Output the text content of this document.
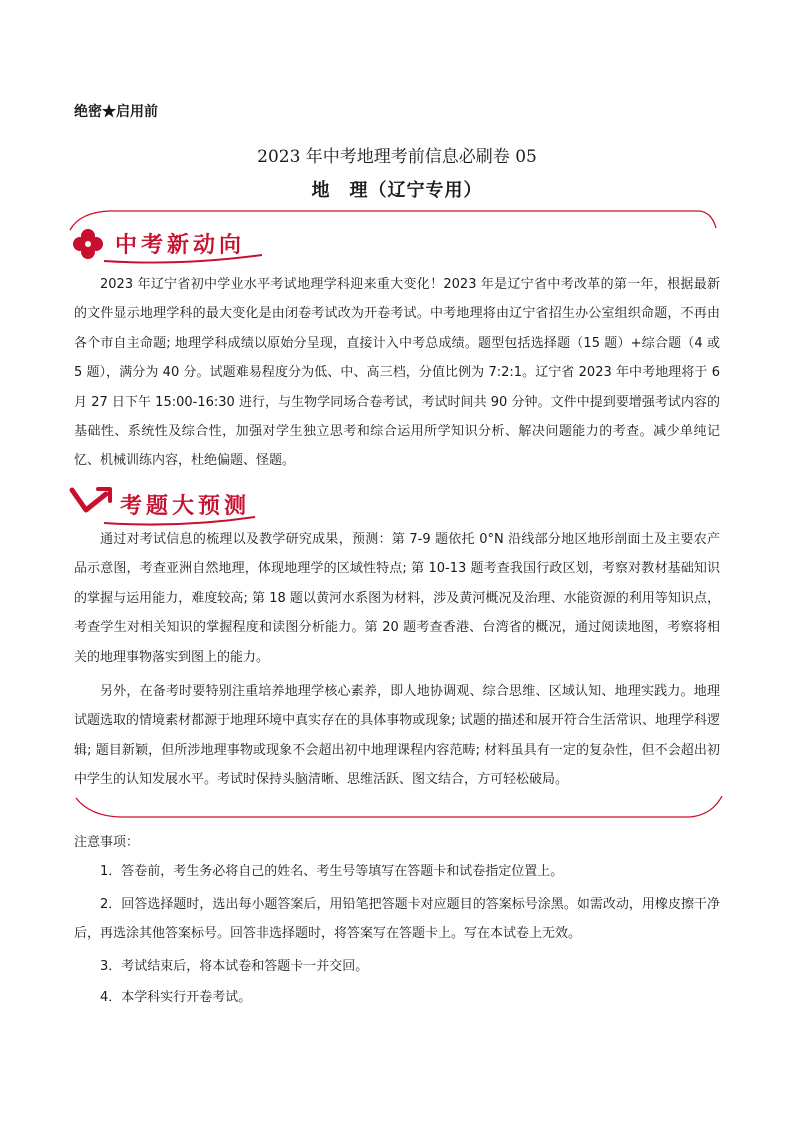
绝密★启用前
2023 年中考地理考前信息必刷卷 05
地　理（辽宁专用）
中考新动向
2023 年辽宁省初中学业水平考试地理学科迎来重大变化！2023 年是辽宁省中考改革的第一年，根据最新的文件显示地理学科的最大变化是由闭卷考试改为开卷考试。中考地理将由辽宁省招生办公室组织命题，不再由各个市自主命题; 地理学科成绩以原始分呈现，直接计入中考总成绩。题型包括选择题（15 题）+综合题（4 或 5 题），满分为 40 分。试题难易程度分为低、中、高三档，分值比例为 7:2:1。辽宁省 2023 年中考地理将于 6 月 27 日下午 15:00-16:30 进行，与生物学同场合卷考试，考试时间共 90 分钟。文件中提到要增强考试内容的基础性、系统性及综合性，加强对学生独立思考和综合运用所学知识分析、解决问题能力的考查。减少单纯记忆、机械训练内容，杜绝偏题、怪题。
考题大预测
通过对考试信息的梳理以及教学研究成果，预测：第 7-9 题依托 0°N 沿线部分地区地形剖面土及主要农产品示意图，考查亚洲自然地理，体现地理学的区域性特点; 第 10-13 题考查我国行政区划，考察对教材基础知识的掌握与运用能力，难度较高; 第 18 题以黄河水系图为材料，涉及黄河概况及治理、水能资源的利用等知识点，考查学生对相关知识的掌握程度和读图分析能力。第 20 题考查香港、台湾省的概况，通过阅读地图，考察将相关的地理事物落实到图上的能力。
另外，在备考时要特别注重培养地理学核心素养，即人地协调观、综合思维、区域认知、地理实践力。地理试题选取的情境素材都源于地理环境中真实存在的具体事物或现象; 试题的描述和展开符合生活常识、地理学科逻辑; 题目新颖，但所涉地理事物或现象不会超出初中地理课程内容范畴; 材料虽具有一定的复杂性，但不会超出初中学生的认知发展水平。考试时保持头脑清晰、思维活跃、图文结合，方可轻松破局。
注意事项：
1．答卷前，考生务必将自己的姓名、考生号等填写在答题卡和试卷指定位置上。
2．回答选择题时，选出每小题答案后，用铅笔把答题卡对应题目的答案标号涂黑。如需改动，用橡皮擦干净后，再选涂其他答案标号。回答非选择题时，将答案写在答题卡上。写在本试卷上无效。
3．考试结束后，将本试卷和答题卡一并交回。
4．本学科实行开卷考试。
